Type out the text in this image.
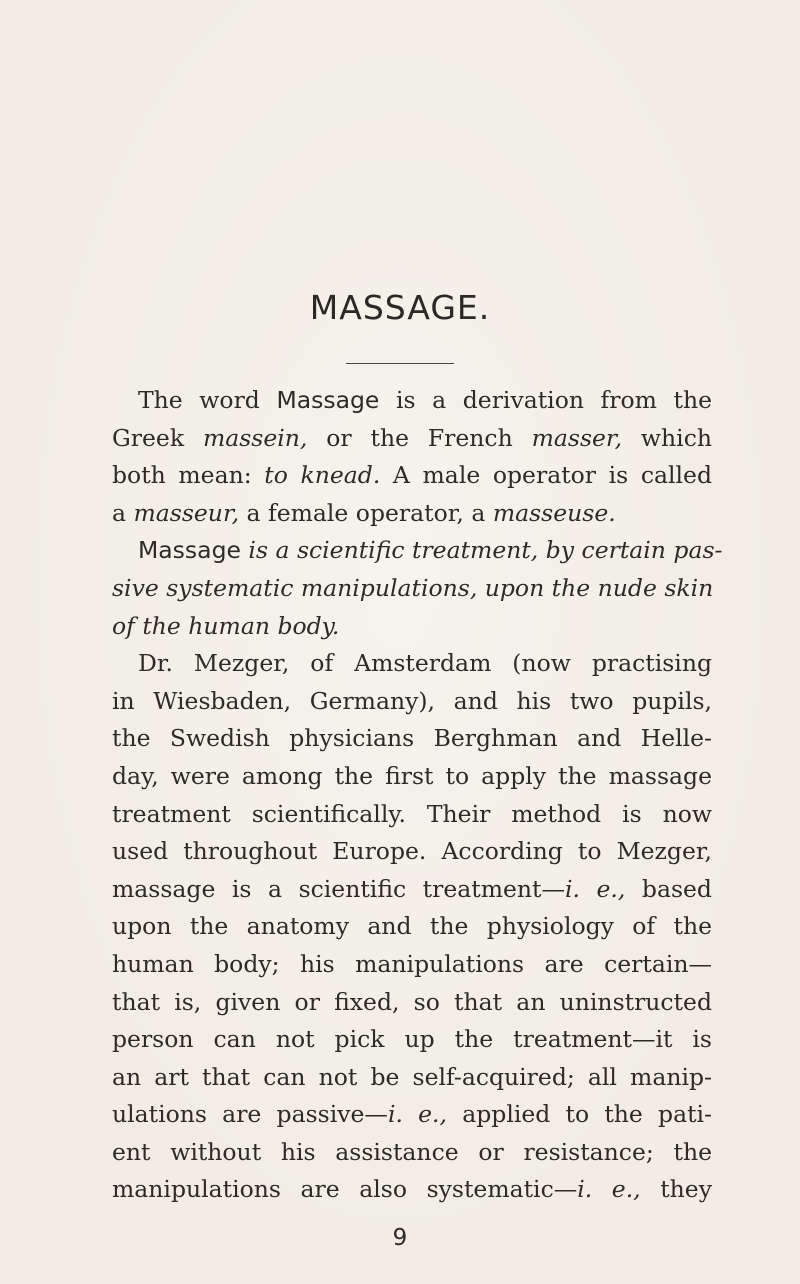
MASSAGE.
The word Massage is a derivation from the
Greek massein, or the French masser, which
both mean: to knead. A male operator is called
a masseur, a female operator, a masseuse.
Massage is a scientific treatment, by certain pas-
sive systematic manipulations, upon the nude skin
of the human body.
Dr. Mezger, of Amsterdam (now practising
in Wiesbaden, Germany), and his two pupils,
the Swedish physicians Berghman and Helle-
day, were among the first to apply the massage
treatment scientifically. Their method is now
used throughout Europe. According to Mezger,
massage is a scientific treatment—i. e., based
upon the anatomy and the physiology of the
human body; his manipulations are certain—
that is, given or fixed, so that an uninstructed
person can not pick up the treatment—it is
an art that can not be self-acquired; all manip-
ulations are passive—i. e., applied to the pati-
ent without his assistance or resistance; the
manipulations are also systematic—i. e., they
9
